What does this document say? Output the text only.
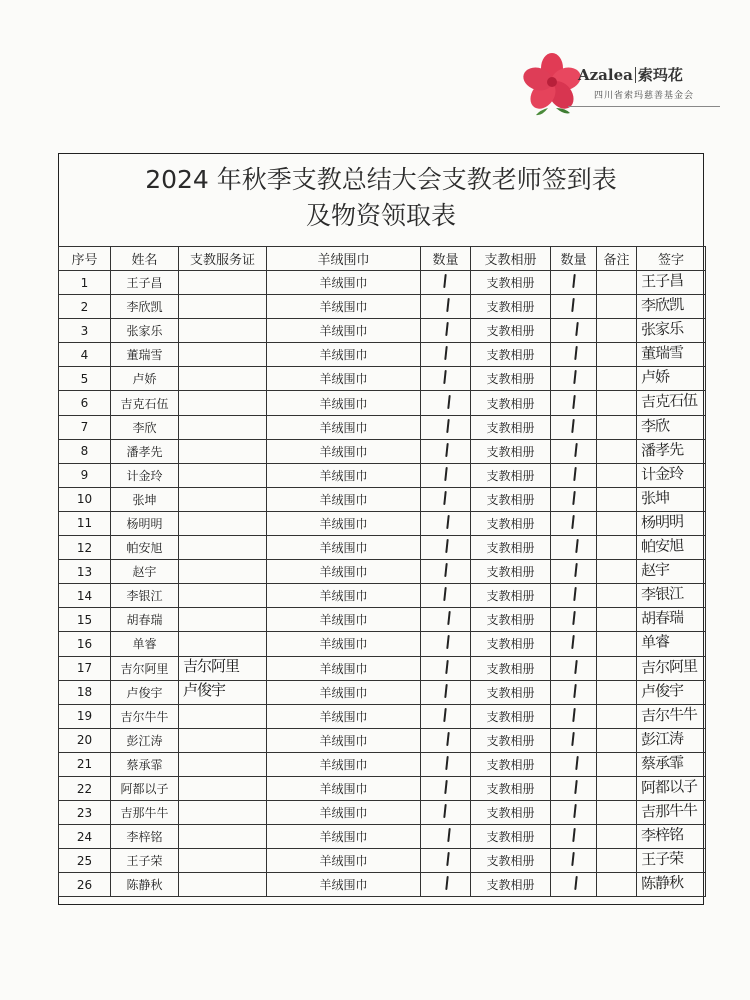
Azalea 索玛花
四川省索玛慈善基金会
2024 年秋季支教总结大会支教老师签到表
及物资领取表
序号	姓名	支教服务证	羊绒围巾	数量	支教相册	数量	备注	签字
1	王子昌		羊绒围巾		支教相册			王子昌

2	李欣凯		羊绒围巾		支教相册			李欣凯

3	张家乐		羊绒围巾		支教相册			张家乐

4	董瑞雪		羊绒围巾		支教相册			董瑞雪

5	卢娇		羊绒围巾		支教相册			卢娇

6	吉克石伍		羊绒围巾		支教相册			吉克石伍

7	李欣		羊绒围巾		支教相册			李欣

8	潘孝先		羊绒围巾		支教相册			潘孝先

9	计金玲		羊绒围巾		支教相册			计金玲

10	张坤		羊绒围巾		支教相册			张坤

11	杨明明		羊绒围巾		支教相册			杨明明

12	帕安旭		羊绒围巾		支教相册			帕安旭

13	赵宇		羊绒围巾		支教相册			赵宇

14	李银江		羊绒围巾		支教相册			李银江

15	胡春瑞		羊绒围巾		支教相册			胡春瑞

16	单睿		羊绒围巾		支教相册			单睿

17	吉尔阿里	吉尔阿里	羊绒围巾		支教相册			吉尔阿里

18	卢俊宇	卢俊宇	羊绒围巾		支教相册			卢俊宇

19	吉尔牛牛		羊绒围巾		支教相册			吉尔牛牛

20	彭江涛		羊绒围巾		支教相册			彭江涛

21	蔡承霏		羊绒围巾		支教相册			蔡承霏

22	阿都以子		羊绒围巾		支教相册			阿都以子

23	吉那牛牛		羊绒围巾		支教相册			吉那牛牛

24	李梓铭		羊绒围巾		支教相册			李梓铭

25	王子荣		羊绒围巾		支教相册			王子荣

26	陈静秋		羊绒围巾		支教相册			陈静秋
